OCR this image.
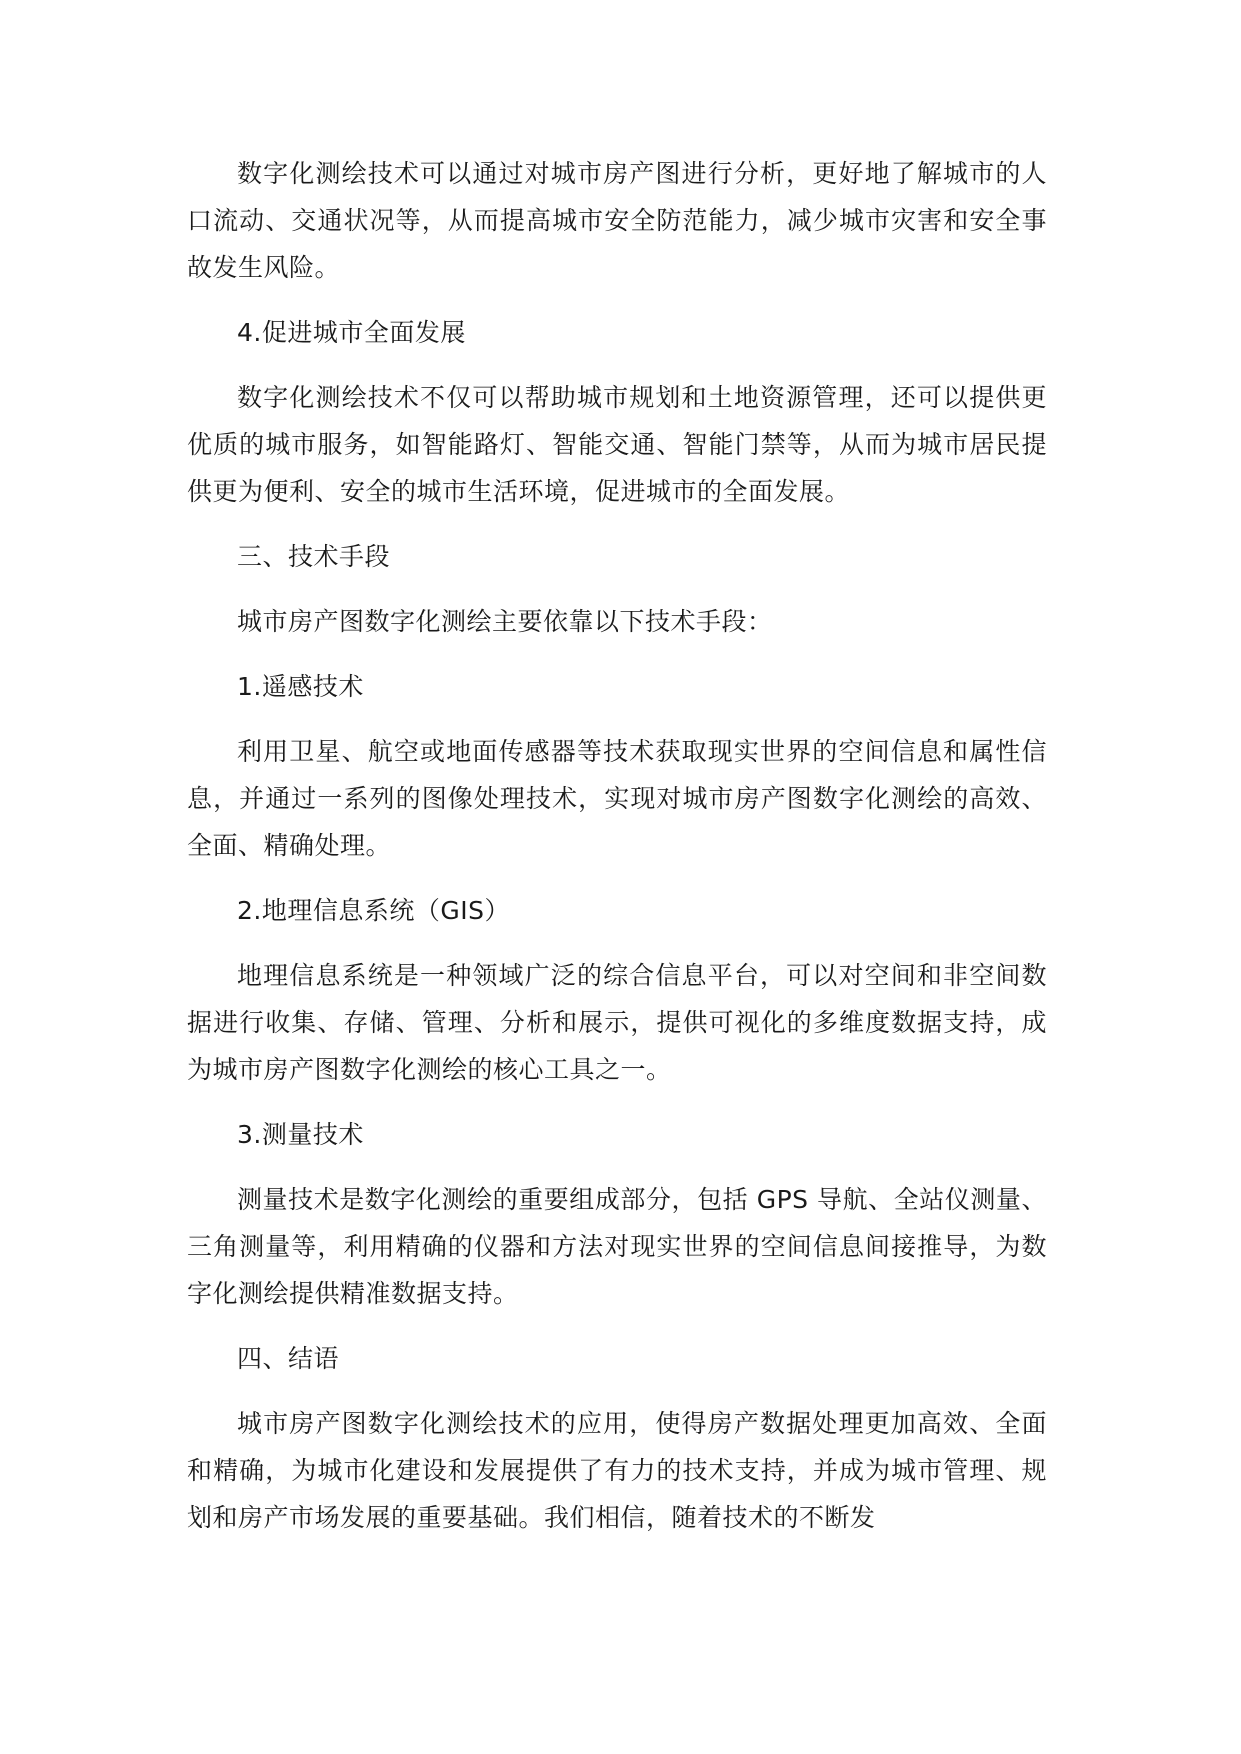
数字化测绘技术可以通过对城市房产图进行分析，更好地了解城市的人口流动、交通状况等，从而提高城市安全防范能力，减少城市灾害和安全事故发生风险。

4.促进城市全面发展

数字化测绘技术不仅可以帮助城市规划和土地资源管理，还可以提供更优质的城市服务，如智能路灯、智能交通、智能门禁等，从而为城市居民提供更为便利、安全的城市生活环境，促进城市的全面发展。

三、技术手段

城市房产图数字化测绘主要依靠以下技术手段：

1.遥感技术

利用卫星、航空或地面传感器等技术获取现实世界的空间信息和属性信息，并通过一系列的图像处理技术，实现对城市房产图数字化测绘的高效、全面、精确处理。

2.地理信息系统（GIS）

地理信息系统是一种领域广泛的综合信息平台，可以对空间和非空间数据进行收集、存储、管理、分析和展示，提供可视化的多维度数据支持，成为城市房产图数字化测绘的核心工具之一。

3.测量技术

测量技术是数字化测绘的重要组成部分，包括 GPS 导航、全站仪测量、三角测量等，利用精确的仪器和方法对现实世界的空间信息间接推导，为数字化测绘提供精准数据支持。

四、结语

城市房产图数字化测绘技术的应用，使得房产数据处理更加高效、全面和精确，为城市化建设和发展提供了有力的技术支持，并成为城市管理、规划和房产市场发展的重要基础。我们相信，随着技术的不断发
